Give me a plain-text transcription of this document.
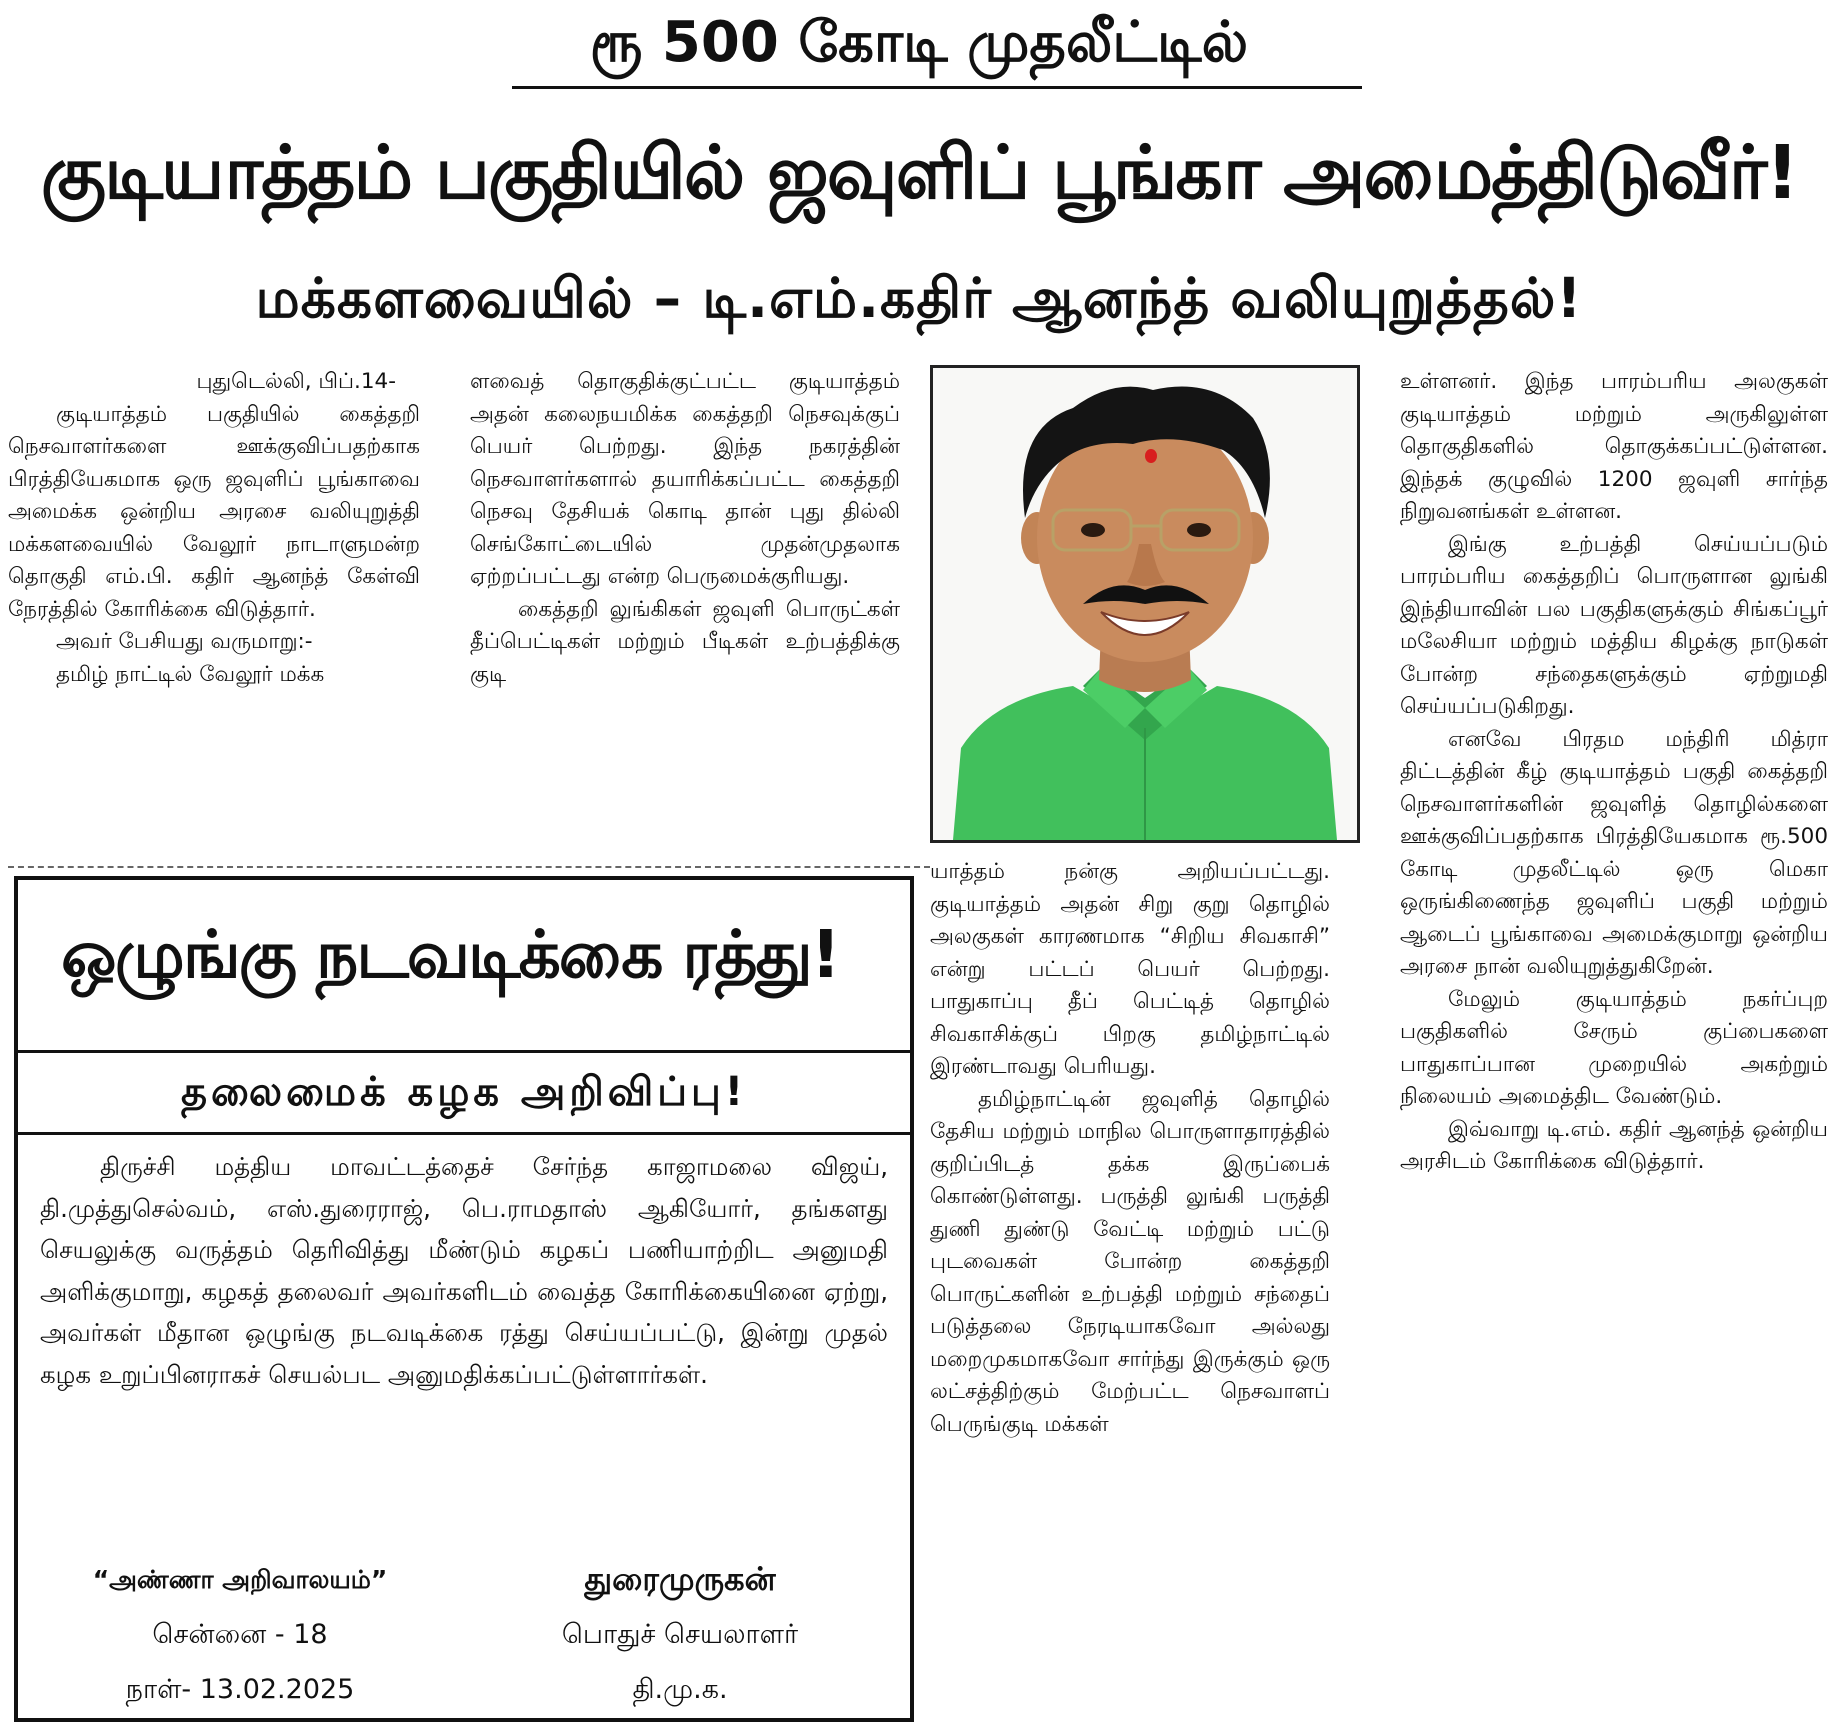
ரூ 500 கோடி முதலீட்டில்
குடியாத்தம் பகுதியில் ஜவுளிப் பூங்கா அமைத்திடுவீர்!
மக்களவையில் – டி.எம்.கதிர் ஆனந்த் வலியுறுத்தல்!

புதுடெல்லி, பிப்.14-

குடியாத்தம் பகுதியில் கைத்தறி நெசவாளர்களை ஊக்குவிப்பதற்காக பிரத்தியேகமாக ஒரு ஜவுளிப் பூங்காவை அமைக்க ஒன்றிய அரசை வலியுறுத்தி மக்களவையில் வேலூர் நாடாளுமன்ற தொகுதி எம்.பி. கதிர் ஆனந்த் கேள்வி நேரத்தில் கோரிக்கை விடுத்தார்.

அவர் பேசியது வருமாறு:-

தமிழ் நாட்டில் வேலூர் மக்க

ளவைத் தொகுதிக்குட்பட்ட குடியாத்தம் அதன் கலைநயமிக்க கைத்தறி நெசவுக்குப் பெயர் பெற்றது. இந்த நகரத்தின் நெசவாளர்களால் தயாரிக்கப்பட்ட கைத்தறி நெசவு தேசியக் கொடி தான் புது தில்லி செங்கோட்டையில் முதன்முதலாக ஏற்றப்பட்டது என்ற பெருமைக்குரியது.

கைத்தறி லுங்கிகள் ஜவுளி பொருட்கள் தீப்பெட்டிகள் மற்றும் பீடிகள் உற்பத்திக்கு குடி

யாத்தம் நன்கு அறியப்பட்டது. குடியாத்தம் அதன் சிறு குறு தொழில் அலகுகள் காரணமாக “சிறிய சிவகாசி” என்று பட்டப் பெயர் பெற்றது. பாதுகாப்பு தீப் பெட்டித் தொழில் சிவகாசிக்குப் பிறகு தமிழ்நாட்டில் இரண்டாவது பெரியது.

தமிழ்நாட்டின் ஜவுளித் தொழில் தேசிய மற்றும் மாநில பொருளாதாரத்தில் குறிப்பிடத் தக்க இருப்பைக் கொண்டுள்ளது. பருத்தி லுங்கி பருத்தி துணி துண்டு வேட்டி மற்றும் பட்டு புடவைகள் போன்ற கைத்தறி பொருட்களின் உற்பத்தி மற்றும் சந்தைப் படுத்தலை நேரடியாகவோ அல்லது மறைமுகமாகவோ சார்ந்து இருக்கும் ஒரு லட்சத்திற்கும் மேற்பட்ட நெசவாளப் பெருங்குடி மக்கள்

உள்ளனர். இந்த பாரம்பரிய அலகுகள் குடியாத்தம் மற்றும் அருகிலுள்ள தொகுதிகளில் தொகுக்கப்பட்டுள்ளன. இந்தக் குழுவில் 1200 ஜவுளி சார்ந்த நிறுவனங்கள் உள்ளன.

இங்கு உற்பத்தி செய்யப்படும் பாரம்பரிய கைத்தறிப் பொருளான லுங்கி இந்தியாவின் பல பகுதிகளுக்கும் சிங்கப்பூர் மலேசியா மற்றும் மத்திய கிழக்கு நாடுகள் போன்ற சந்தைகளுக்கும் ஏற்றுமதி செய்யப்படுகிறது.

எனவே பிரதம மந்திரி மித்ரா திட்டத்தின் கீழ் குடியாத்தம் பகுதி கைத்தறி நெசவாளர்களின் ஜவுளித் தொழில்களை ஊக்குவிப்பதற்காக பிரத்தியேகமாக ரூ.500 கோடி முதலீட்டில் ஒரு மெகா ஒருங்கிணைந்த ஜவுளிப் பகுதி மற்றும் ஆடைப் பூங்காவை அமைக்குமாறு ஒன்றிய அரசை நான் வலியுறுத்துகிறேன்.

மேலும் குடியாத்தம் நகர்ப்புற பகுதிகளில் சேரும் குப்பைகளை பாதுகாப்பான முறையில் அகற்றும் நிலையம் அமைத்திட வேண்டும்.

இவ்வாறு டி.எம். கதிர் ஆனந்த் ஒன்றிய அரசிடம் கோரிக்கை விடுத்தார்.

ஒழுங்கு நடவடிக்கை ரத்து!
தலைமைக் கழக அறிவிப்பு!

திருச்சி மத்திய மாவட்டத்தைச் சேர்ந்த காஜாமலை விஜய், தி.முத்துசெல்வம், எஸ்.துரைராஜ், பெ.ராமதாஸ் ஆகியோர், தங்களது செயலுக்கு வருத்தம் தெரிவித்து மீண்டும் கழகப் பணியாற்றிட அனுமதி அளிக்குமாறு, கழகத் தலைவர் அவர்களிடம் வைத்த கோரிக்கையினை ஏற்று, அவர்கள் மீதான ஒழுங்கு நடவடிக்கை ரத்து செய்யப்பட்டு, இன்று முதல் கழக உறுப்பினராகச் செயல்பட அனுமதிக்கப்பட்டுள்ளார்கள்.

“அண்ணா அறிவாலயம்”
சென்னை - 18
நாள்- 13.02.2025
துரைமுருகன்
பொதுச் செயலாளர்
தி.மு.க.
